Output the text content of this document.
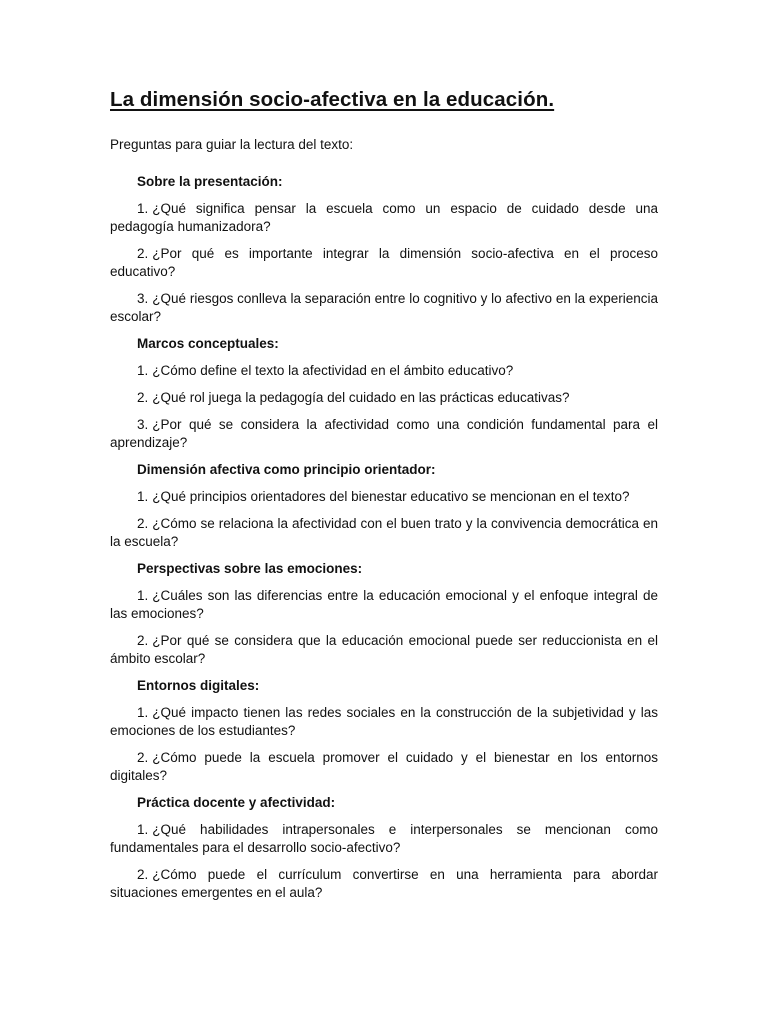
La dimensión socio-afectiva en la educación.

Preguntas para guiar la lectura del texto:

Sobre la presentación:

1. ¿Qué significa pensar la escuela como un espacio de cuidado desde una pedagogía humanizadora?

2. ¿Por qué es importante integrar la dimensión socio-afectiva en el proceso educativo?

3. ¿Qué riesgos conlleva la separación entre lo cognitivo y lo afectivo en la experiencia escolar?

Marcos conceptuales:

1. ¿Cómo define el texto la afectividad en el ámbito educativo?

2. ¿Qué rol juega la pedagogía del cuidado en las prácticas educativas?

3. ¿Por qué se considera la afectividad como una condición fundamental para el aprendizaje?

Dimensión afectiva como principio orientador:

1. ¿Qué principios orientadores del bienestar educativo se mencionan en el texto?

2. ¿Cómo se relaciona la afectividad con el buen trato y la convivencia democrática en la escuela?

Perspectivas sobre las emociones:

1. ¿Cuáles son las diferencias entre la educación emocional y el enfoque integral de las emociones?

2. ¿Por qué se considera que la educación emocional puede ser reduccionista en el ámbito escolar?

Entornos digitales:

1. ¿Qué impacto tienen las redes sociales en la construcción de la subjetividad y las emociones de los estudiantes?

2. ¿Cómo puede la escuela promover el cuidado y el bienestar en los entornos digitales?

Práctica docente y afectividad:

1. ¿Qué habilidades intrapersonales e interpersonales se mencionan como fundamentales para el desarrollo socio-afectivo?

2. ¿Cómo puede el currículum convertirse en una herramienta para abordar situaciones emergentes en el aula?
